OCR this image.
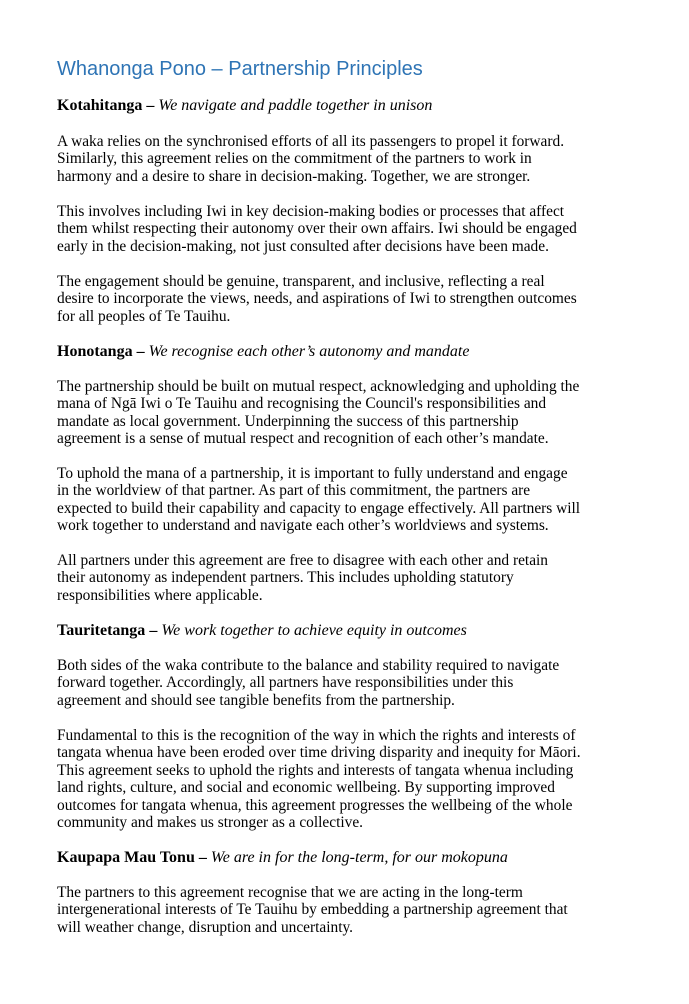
Whanonga Pono – Partnership Principles

Kotahitanga – We navigate and paddle together in unison

A waka relies on the synchronised efforts of all its passengers to propel it forward.
Similarly, this agreement relies on the commitment of the partners to work in
harmony and a desire to share in decision-making. Together, we are stronger.
This involves including Iwi in key decision-making bodies or processes that affect
them whilst respecting their autonomy over their own affairs. Iwi should be engaged
early in the decision-making, not just consulted after decisions have been made.
The engagement should be genuine, transparent, and inclusive, reflecting a real
desire to incorporate the views, needs, and aspirations of Iwi to strengthen outcomes
for all peoples of Te Tauihu.

Honotanga – We recognise each other’s autonomy and mandate

The partnership should be built on mutual respect, acknowledging and upholding the
mana of Ngā Iwi o Te Tauihu and recognising the Council's responsibilities and
mandate as local government. Underpinning the success of this partnership
agreement is a sense of mutual respect and recognition of each other’s mandate.
To uphold the mana of a partnership, it is important to fully understand and engage
in the worldview of that partner. As part of this commitment, the partners are
expected to build their capability and capacity to engage effectively. All partners will
work together to understand and navigate each other’s worldviews and systems.
All partners under this agreement are free to disagree with each other and retain
their autonomy as independent partners. This includes upholding statutory
responsibilities where applicable.

Tauritetanga – We work together to achieve equity in outcomes

Both sides of the waka contribute to the balance and stability required to navigate
forward together. Accordingly, all partners have responsibilities under this
agreement and should see tangible benefits from the partnership.
Fundamental to this is the recognition of the way in which the rights and interests of
tangata whenua have been eroded over time driving disparity and inequity for Māori.
This agreement seeks to uphold the rights and interests of tangata whenua including
land rights, culture, and social and economic wellbeing. By supporting improved
outcomes for tangata whenua, this agreement progresses the wellbeing of the whole
community and makes us stronger as a collective.

Kaupapa Mau Tonu – We are in for the long-term, for our mokopuna

The partners to this agreement recognise that we are acting in the long-term
intergenerational interests of Te Tauihu by embedding a partnership agreement that
will weather change, disruption and uncertainty.
